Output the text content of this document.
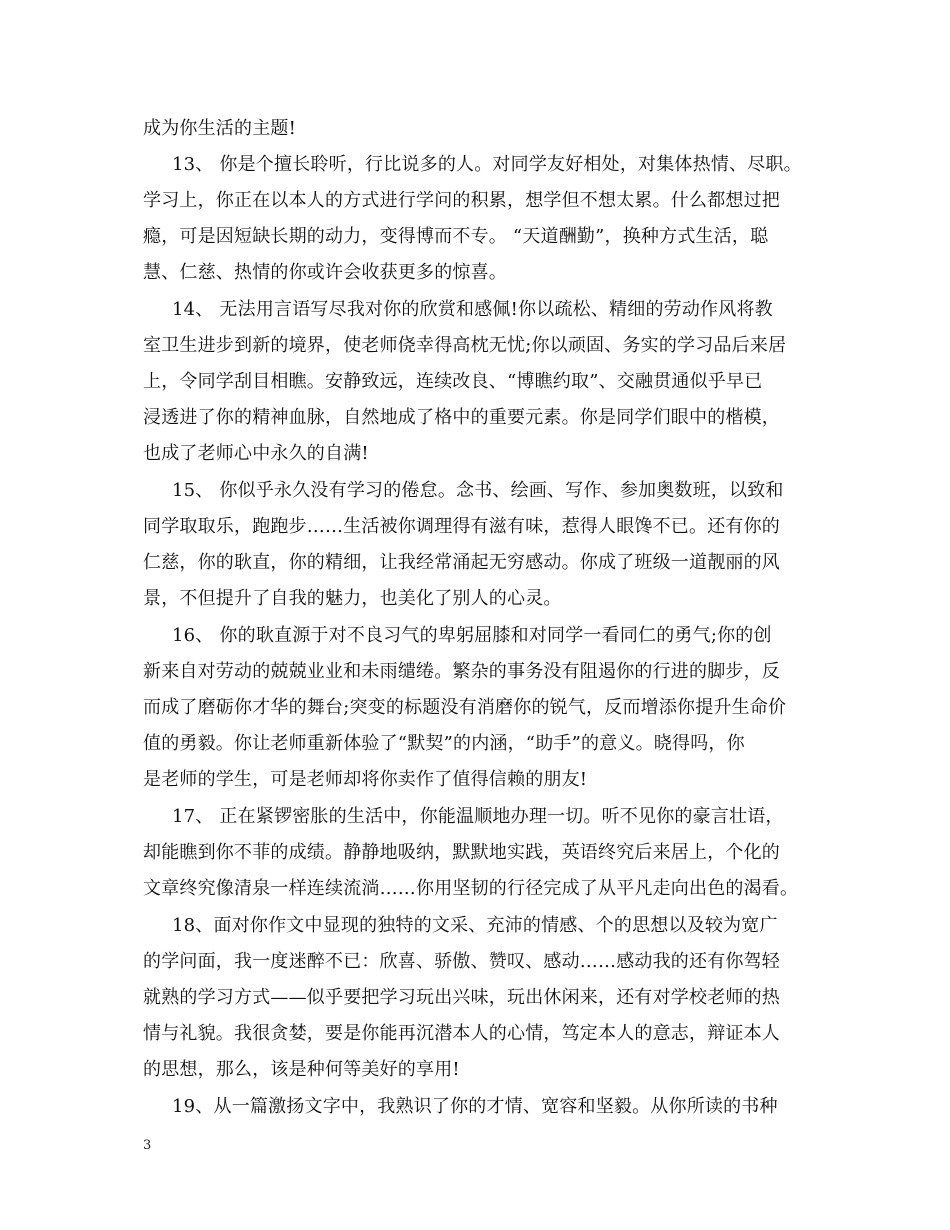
成为你生活的主题!
13、 你是个擅长聆听，行比说多的人。对同学友好相处，对集体热情、尽职。
学习上，你正在以本人的方式进行学问的积累，想学但不想太累。什么都想过把
瘾，可是因短缺长期的动力，变得博而不专。 “天道酬勤”，换种方式生活，聪
慧、仁慈、热情的你或许会收获更多的惊喜。
14、 无法用言语写尽我对你的欣赏和感佩!你以疏松、精细的劳动作风将教
室卫生进步到新的境界，使老师侥幸得高枕无忧;你以顽固、务实的学习品后来居
上，令同学刮目相瞧。安静致远，连续改良、“博瞧约取”、交融贯通似乎早已
浸透进了你的精神血脉，自然地成了格中的重要元素。你是同学们眼中的楷模，
也成了老师心中永久的自满!
15、 你似乎永久没有学习的倦怠。念书、绘画、写作、参加奥数班，以致和
同学取取乐，跑跑步……生活被你调理得有滋有味，惹得人眼馋不已。还有你的
仁慈，你的耿直，你的精细，让我经常涌起无穷感动。你成了班级一道靓丽的风
景，不但提升了自我的魅力，也美化了别人的心灵。
16、 你的耿直源于对不良习气的卑躬屈膝和对同学一看同仁的勇气;你的创
新来自对劳动的兢兢业业和未雨缱绻。繁杂的事务没有阻遏你的行进的脚步，反
而成了磨砺你才华的舞台;突变的标题没有消磨你的锐气，反而增添你提升生命价
值的勇毅。你让老师重新体验了“默契”的内涵，“助手”的意义。晓得吗，你
是老师的学生，可是老师却将你卖作了值得信赖的朋友!
17、 正在紧锣密胀的生活中，你能温顺地办理一切。听不见你的豪言壮语，
却能瞧到你不菲的成绩。静静地吸纳，默默地实践，英语终究后来居上，个化的
文章终究像清泉一样连续流淌……你用坚韧的行径完成了从平凡走向出色的渴看。
18、面对你作文中显现的独特的文采、充沛的情感、个的思想以及较为宽广
的学问面，我一度迷醉不已：欣喜、骄傲、赞叹、感动……感动我的还有你驾轻
就熟的学习方式——似乎要把学习玩出兴味，玩出休闲来，还有对学校老师的热
情与礼貌。我很贪婪，要是你能再沉潜本人的心情，笃定本人的意志，辩证本人
的思想，那么，该是种何等美好的享用!
19、从一篇激扬文字中，我熟识了你的才情、宽容和坚毅。从你所读的书种
3
